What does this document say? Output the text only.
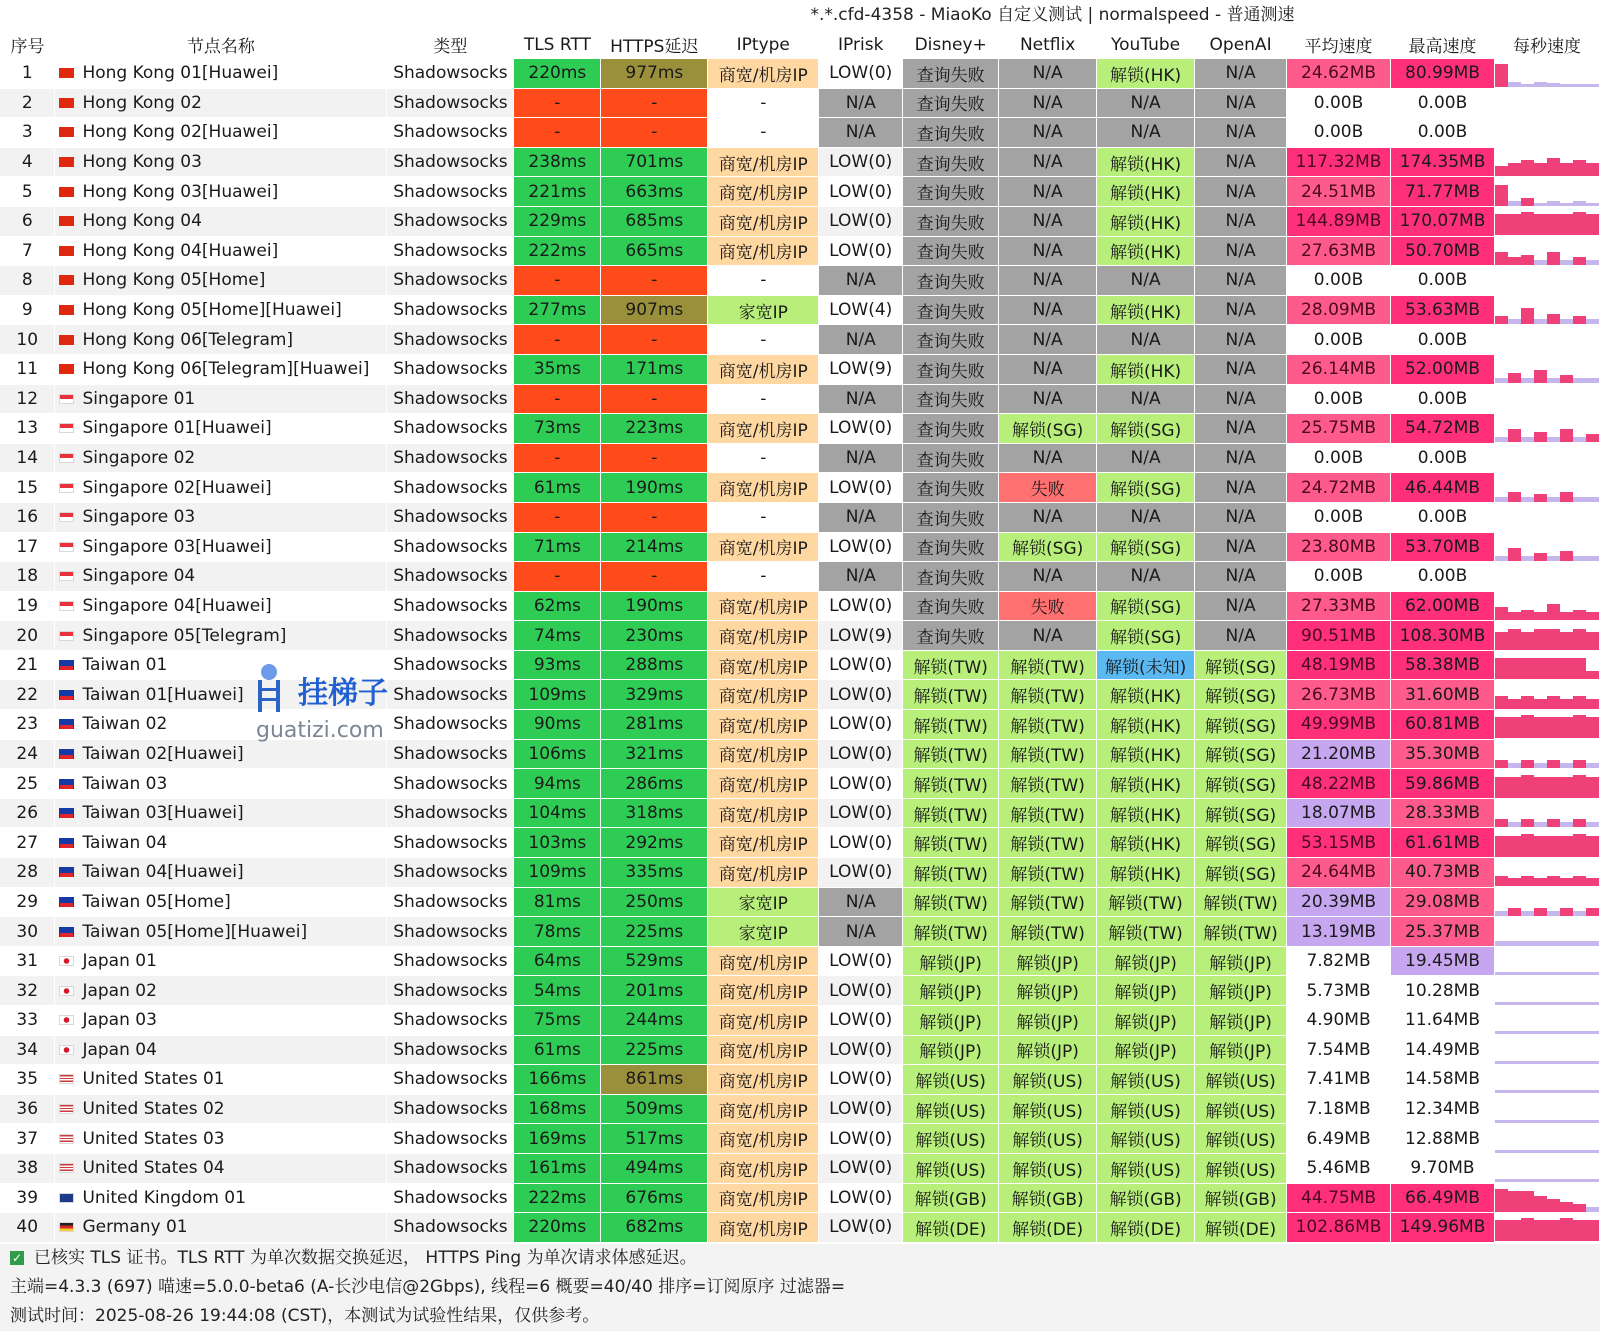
*.*.cfd-4358 - MiaoKo 自定义测试 | normalspeed - 普通测速
序号	节点名称	类型	TLS RTT	HTTPS延迟	IPtype	IPrisk	Disney+	Netflix	YouTube	OpenAI	平均速度	最高速度	每秒速度
1	Hong Kong 01[Huawei]	Shadowsocks	220ms	977ms	商宽/机房IP	LOW(0)	查询失败	N/A	解锁(HK)	N/A	24.62MB	80.99MB	

2	Hong Kong 02	Shadowsocks	-	-	-	N/A	查询失败	N/A	N/A	N/A	0.00B	0.00B	

3	Hong Kong 02[Huawei]	Shadowsocks	-	-	-	N/A	查询失败	N/A	N/A	N/A	0.00B	0.00B	

4	Hong Kong 03	Shadowsocks	238ms	701ms	商宽/机房IP	LOW(0)	查询失败	N/A	解锁(HK)	N/A	117.32MB	174.35MB	

5	Hong Kong 03[Huawei]	Shadowsocks	221ms	663ms	商宽/机房IP	LOW(0)	查询失败	N/A	解锁(HK)	N/A	24.51MB	71.77MB	

6	Hong Kong 04	Shadowsocks	229ms	685ms	商宽/机房IP	LOW(0)	查询失败	N/A	解锁(HK)	N/A	144.89MB	170.07MB	

7	Hong Kong 04[Huawei]	Shadowsocks	222ms	665ms	商宽/机房IP	LOW(0)	查询失败	N/A	解锁(HK)	N/A	27.63MB	50.70MB	

8	Hong Kong 05[Home]	Shadowsocks	-	-	-	N/A	查询失败	N/A	N/A	N/A	0.00B	0.00B	

9	Hong Kong 05[Home][Huawei]	Shadowsocks	277ms	907ms	家宽IP	LOW(4)	查询失败	N/A	解锁(HK)	N/A	28.09MB	53.63MB	

10	Hong Kong 06[Telegram]	Shadowsocks	-	-	-	N/A	查询失败	N/A	N/A	N/A	0.00B	0.00B	

11	Hong Kong 06[Telegram][Huawei]	Shadowsocks	35ms	171ms	商宽/机房IP	LOW(9)	查询失败	N/A	解锁(HK)	N/A	26.14MB	52.00MB	

12	Singapore 01	Shadowsocks	-	-	-	N/A	查询失败	N/A	N/A	N/A	0.00B	0.00B	

13	Singapore 01[Huawei]	Shadowsocks	73ms	223ms	商宽/机房IP	LOW(0)	查询失败	解锁(SG)	解锁(SG)	N/A	25.75MB	54.72MB	

14	Singapore 02	Shadowsocks	-	-	-	N/A	查询失败	N/A	N/A	N/A	0.00B	0.00B	

15	Singapore 02[Huawei]	Shadowsocks	61ms	190ms	商宽/机房IP	LOW(0)	查询失败	失败	解锁(SG)	N/A	24.72MB	46.44MB	

16	Singapore 03	Shadowsocks	-	-	-	N/A	查询失败	N/A	N/A	N/A	0.00B	0.00B	

17	Singapore 03[Huawei]	Shadowsocks	71ms	214ms	商宽/机房IP	LOW(0)	查询失败	解锁(SG)	解锁(SG)	N/A	23.80MB	53.70MB	

18	Singapore 04	Shadowsocks	-	-	-	N/A	查询失败	N/A	N/A	N/A	0.00B	0.00B	

19	Singapore 04[Huawei]	Shadowsocks	62ms	190ms	商宽/机房IP	LOW(0)	查询失败	失败	解锁(SG)	N/A	27.33MB	62.00MB	

20	Singapore 05[Telegram]	Shadowsocks	74ms	230ms	商宽/机房IP	LOW(9)	查询失败	N/A	解锁(SG)	N/A	90.51MB	108.30MB	

21	Taiwan 01	Shadowsocks	93ms	288ms	商宽/机房IP	LOW(0)	解锁(TW)	解锁(TW)	解锁(未知)	解锁(SG)	48.19MB	58.38MB	

22	Taiwan 01[Huawei]	Shadowsocks	109ms	329ms	商宽/机房IP	LOW(0)	解锁(TW)	解锁(TW)	解锁(HK)	解锁(SG)	26.73MB	31.60MB	

23	Taiwan 02	Shadowsocks	90ms	281ms	商宽/机房IP	LOW(0)	解锁(TW)	解锁(TW)	解锁(HK)	解锁(SG)	49.99MB	60.81MB	

24	Taiwan 02[Huawei]	Shadowsocks	106ms	321ms	商宽/机房IP	LOW(0)	解锁(TW)	解锁(TW)	解锁(HK)	解锁(SG)	21.20MB	35.30MB	

25	Taiwan 03	Shadowsocks	94ms	286ms	商宽/机房IP	LOW(0)	解锁(TW)	解锁(TW)	解锁(HK)	解锁(SG)	48.22MB	59.86MB	

26	Taiwan 03[Huawei]	Shadowsocks	104ms	318ms	商宽/机房IP	LOW(0)	解锁(TW)	解锁(TW)	解锁(HK)	解锁(SG)	18.07MB	28.33MB	

27	Taiwan 04	Shadowsocks	103ms	292ms	商宽/机房IP	LOW(0)	解锁(TW)	解锁(TW)	解锁(HK)	解锁(SG)	53.15MB	61.61MB	

28	Taiwan 04[Huawei]	Shadowsocks	109ms	335ms	商宽/机房IP	LOW(0)	解锁(TW)	解锁(TW)	解锁(HK)	解锁(SG)	24.64MB	40.73MB	

29	Taiwan 05[Home]	Shadowsocks	81ms	250ms	家宽IP	N/A	解锁(TW)	解锁(TW)	解锁(TW)	解锁(TW)	20.39MB	29.08MB	

30	Taiwan 05[Home][Huawei]	Shadowsocks	78ms	225ms	家宽IP	N/A	解锁(TW)	解锁(TW)	解锁(TW)	解锁(TW)	13.19MB	25.37MB	

31	Japan 01	Shadowsocks	64ms	529ms	商宽/机房IP	LOW(0)	解锁(JP)	解锁(JP)	解锁(JP)	解锁(JP)	7.82MB	19.45MB	

32	Japan 02	Shadowsocks	54ms	201ms	商宽/机房IP	LOW(0)	解锁(JP)	解锁(JP)	解锁(JP)	解锁(JP)	5.73MB	10.28MB	

33	Japan 03	Shadowsocks	75ms	244ms	商宽/机房IP	LOW(0)	解锁(JP)	解锁(JP)	解锁(JP)	解锁(JP)	4.90MB	11.64MB	

34	Japan 04	Shadowsocks	61ms	225ms	商宽/机房IP	LOW(0)	解锁(JP)	解锁(JP)	解锁(JP)	解锁(JP)	7.54MB	14.49MB	

35	United States 01	Shadowsocks	166ms	861ms	商宽/机房IP	LOW(0)	解锁(US)	解锁(US)	解锁(US)	解锁(US)	7.41MB	14.58MB	

36	United States 02	Shadowsocks	168ms	509ms	商宽/机房IP	LOW(0)	解锁(US)	解锁(US)	解锁(US)	解锁(US)	7.18MB	12.34MB	

37	United States 03	Shadowsocks	169ms	517ms	商宽/机房IP	LOW(0)	解锁(US)	解锁(US)	解锁(US)	解锁(US)	6.49MB	12.88MB	

38	United States 04	Shadowsocks	161ms	494ms	商宽/机房IP	LOW(0)	解锁(US)	解锁(US)	解锁(US)	解锁(US)	5.46MB	9.70MB	

39	United Kingdom 01	Shadowsocks	222ms	676ms	商宽/机房IP	LOW(0)	解锁(GB)	解锁(GB)	解锁(GB)	解锁(GB)	44.75MB	66.49MB	

40	Germany 01	Shadowsocks	220ms	682ms	商宽/机房IP	LOW(0)	解锁(DE)	解锁(DE)	解锁(DE)	解锁(DE)	102.86MB	149.96MB	
挂梯子
guatizi.com
✓ 已核实 TLS 证书。TLS RTT 为单次数据交换延迟， HTTPS Ping 为单次请求体感延迟。
主端=4.3.3 (697) 喵速=5.0.0-beta6 (A-长沙电信@2Gbps), 线程=6 概要=40/40 排序=订阅原序 过滤器=
测试时间：2025-08-26 19:44:08 (CST)，本测试为试验性结果，仅供参考。
